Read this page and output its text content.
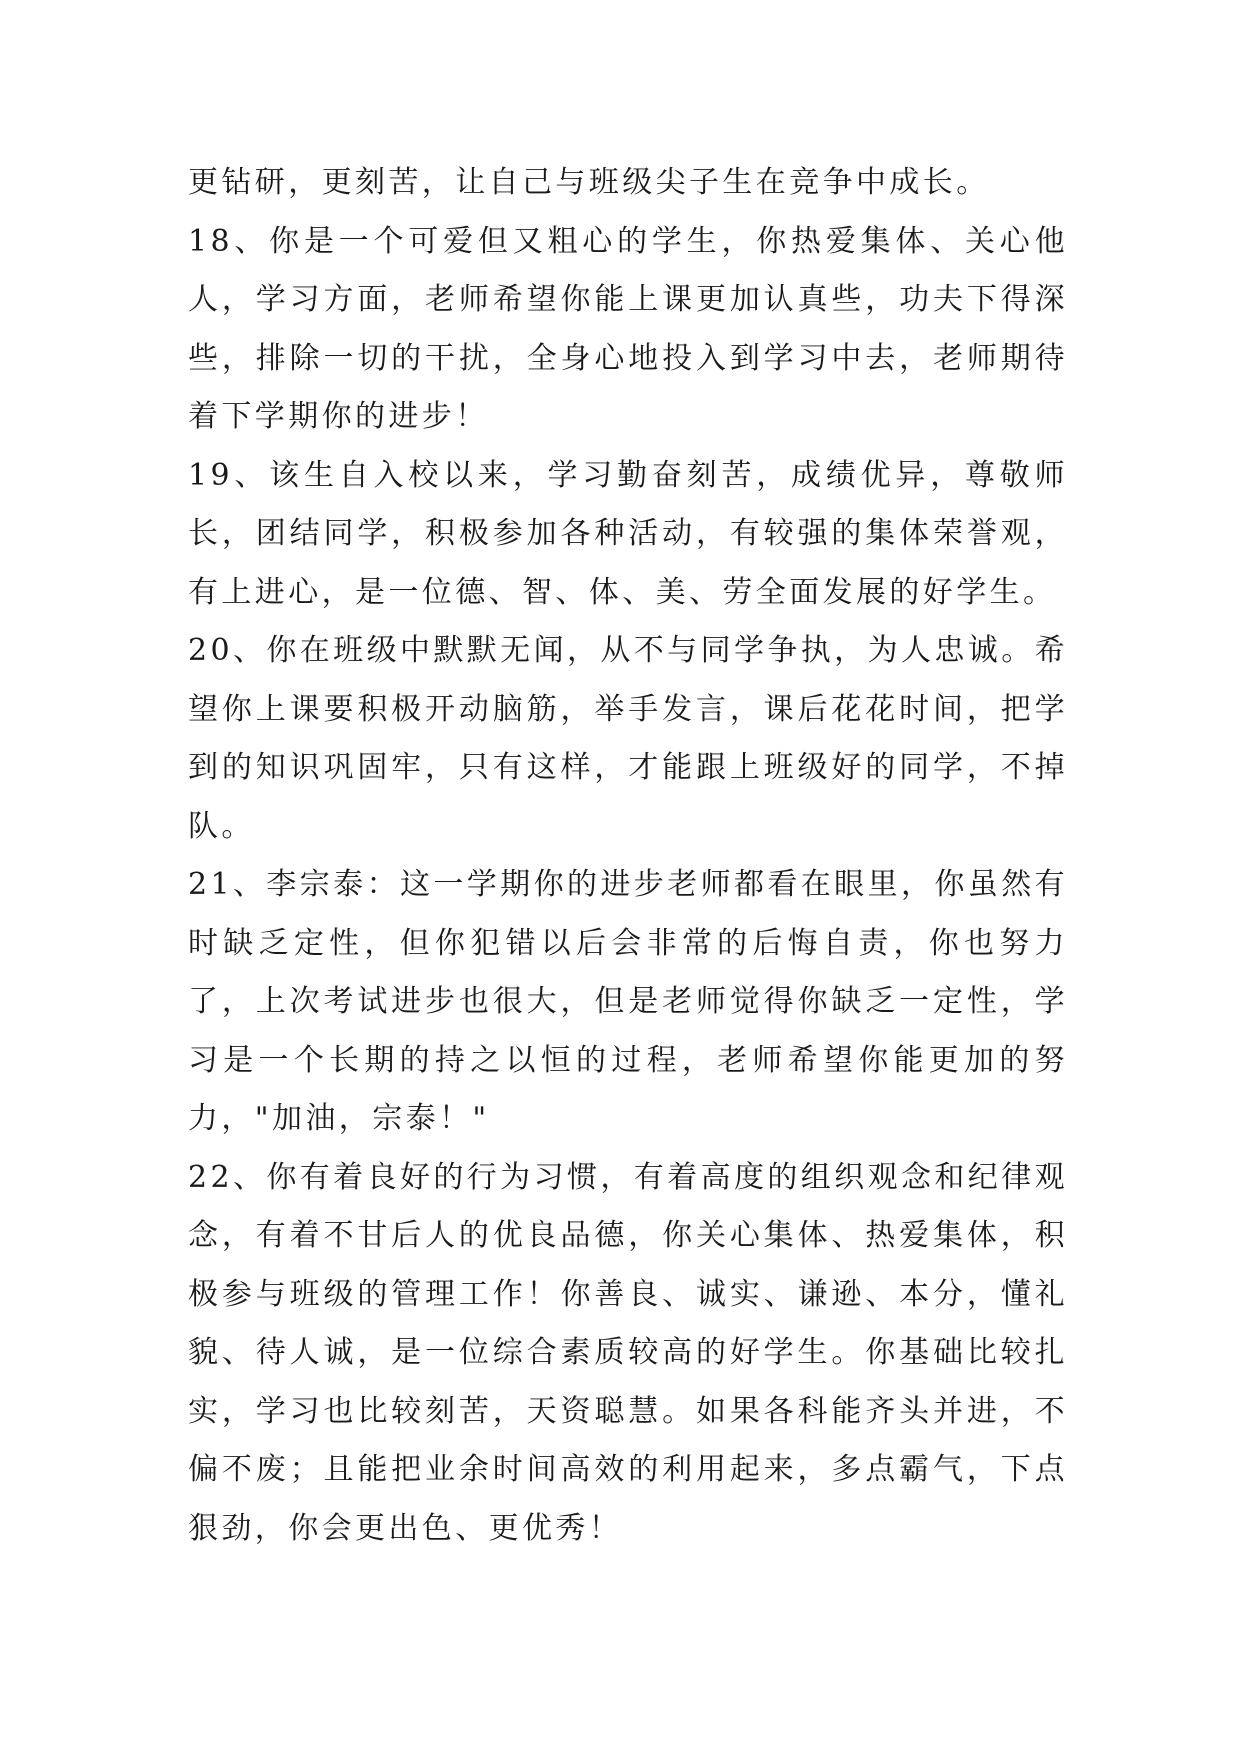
更钻研，更刻苦，让自己与班级尖子生在竞争中成长。

18、你是一个可爱但又粗心的学生，你热爱集体、关心他人，学习方面，老师希望你能上课更加认真些，功夫下得深些，排除一切的干扰，全身心地投入到学习中去，老师期待着下学期你的进步！

19、该生自入校以来，学习勤奋刻苦，成绩优异，尊敬师长，团结同学，积极参加各种活动，有较强的集体荣誉观，有上进心，是一位德、智、体、美、劳全面发展的好学生。

20、你在班级中默默无闻，从不与同学争执，为人忠诚。希望你上课要积极开动脑筋，举手发言，课后花花时间，把学到的知识巩固牢，只有这样，才能跟上班级好的同学，不掉队。

21、李宗泰：这一学期你的进步老师都看在眼里，你虽然有时缺乏定性，但你犯错以后会非常的后悔自责，你也努力了，上次考试进步也很大，但是老师觉得你缺乏一定性，学习是一个长期的持之以恒的过程，老师希望你能更加的努力，"加油，宗泰！"

22、你有着良好的行为习惯，有着高度的组织观念和纪律观念，有着不甘后人的优良品德，你关心集体、热爱集体，积极参与班级的管理工作！你善良、诚实、谦逊、本分，懂礼貌、待人诚，是一位综合素质较高的好学生。你基础比较扎实，学习也比较刻苦，天资聪慧。如果各科能齐头并进，不偏不废；且能把业余时间高效的利用起来，多点霸气，下点狠劲，你会更出色、更优秀！
